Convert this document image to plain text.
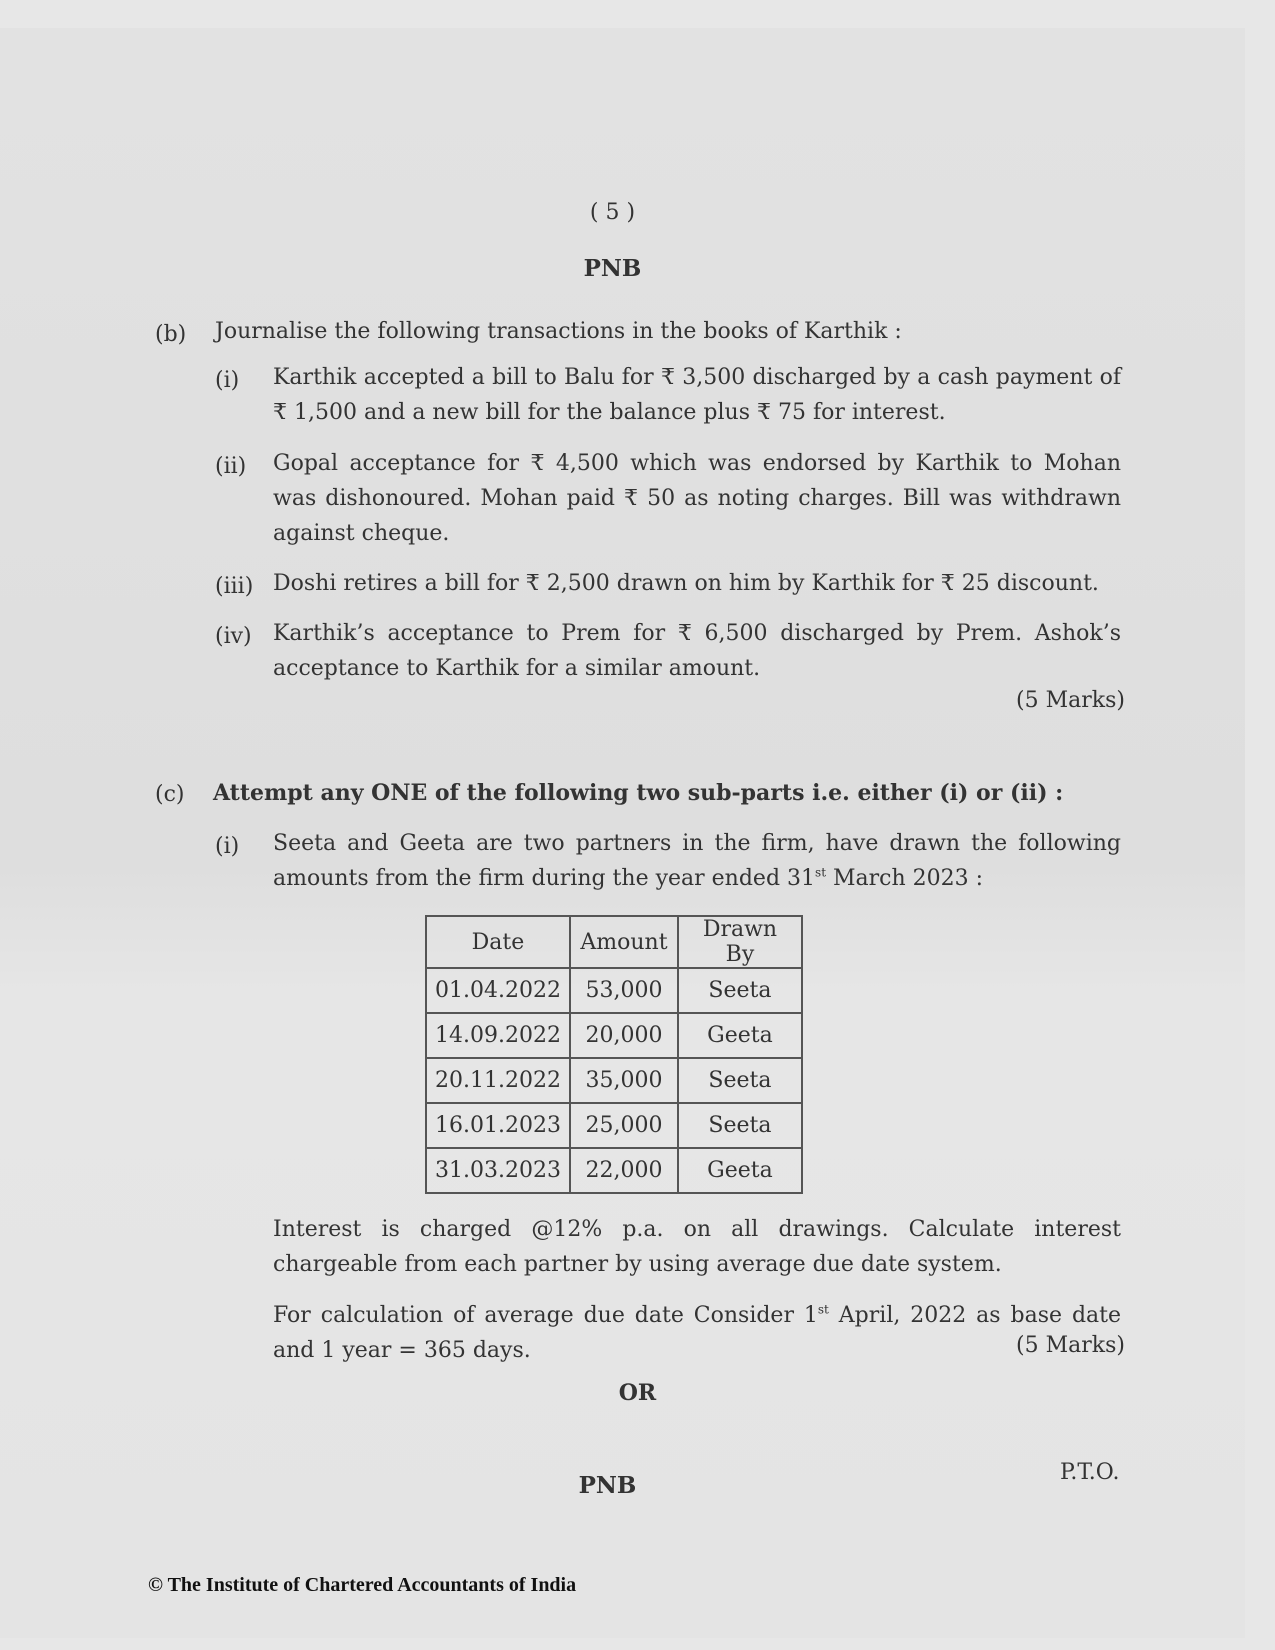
( 5 )
PNB
(b) Journalise the following transactions in the books of Karthik :
(i) Karthik accepted a bill to Balu for ₹ 3,500 discharged by a cash payment of ₹ 1,500 and a new bill for the balance plus ₹ 75 for interest.
(ii) Gopal acceptance for ₹ 4,500 which was endorsed by Karthik to Mohan was dishonoured. Mohan paid ₹ 50 as noting charges. Bill was withdrawn against cheque.
(iii) Doshi retires a bill for ₹ 2,500 drawn on him by Karthik for ₹ 25 discount.
(iv) Karthik’s acceptance to Prem for ₹ 6,500 discharged by Prem. Ashok’s acceptance to Karthik for a similar amount.
(5 Marks)
(c) Attempt any ONE of the following two sub-parts i.e. either (i) or (ii) :
(i) Seeta and Geeta are two partners in the firm, have drawn the following amounts from the firm during the year ended 31st March 2023 :
Date	Amount	Drawn By
01.04.2022	53,000	Seeta
14.09.2022	20,000	Geeta
20.11.2022	35,000	Seeta
16.01.2023	25,000	Seeta
31.03.2023	22,000	Geeta
Interest is charged @12% p.a. on all drawings. Calculate interest chargeable from each partner by using average due date system.
For calculation of average due date Consider 1st April, 2022 as base date and 1 year = 365 days.	(5 Marks)
OR
PNB	P.T.O.
© The Institute of Chartered Accountants of India
